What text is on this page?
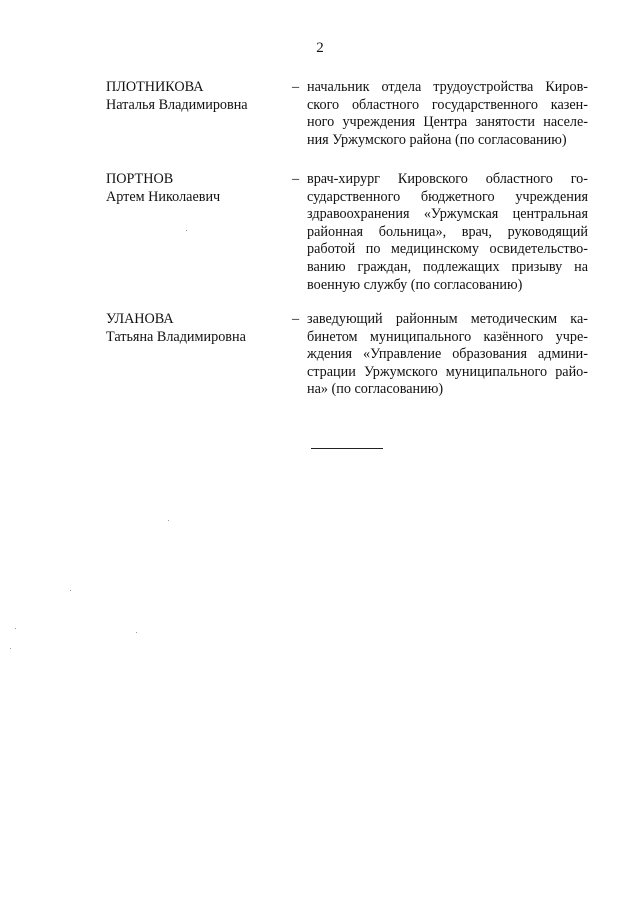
2
ПЛОТНИКОВА
Наталья Владимировна
– начальник отдела трудоустройства Киров-
ского областного государственного казен-
ного учреждения Центра занятости населе-
ния Уржумского района (по согласованию)
ПОРТНОВ
Артем Николаевич
– врач-хирург Кировского областного го-
сударственного бюджетного учреждения
здравоохранения «Уржумская центральная
районная больница», врач, руководящий
работой по медицинскому освидетельство-
ванию граждан, подлежащих призыву на
военную службу (по согласованию)
УЛАНОВА
Татьяна Владимировна
– заведующий районным методическим ка-
бинетом муниципального казённого учре-
ждения «Управление образования админи-
страции Уржумского муниципального райо-
на» (по согласованию)
